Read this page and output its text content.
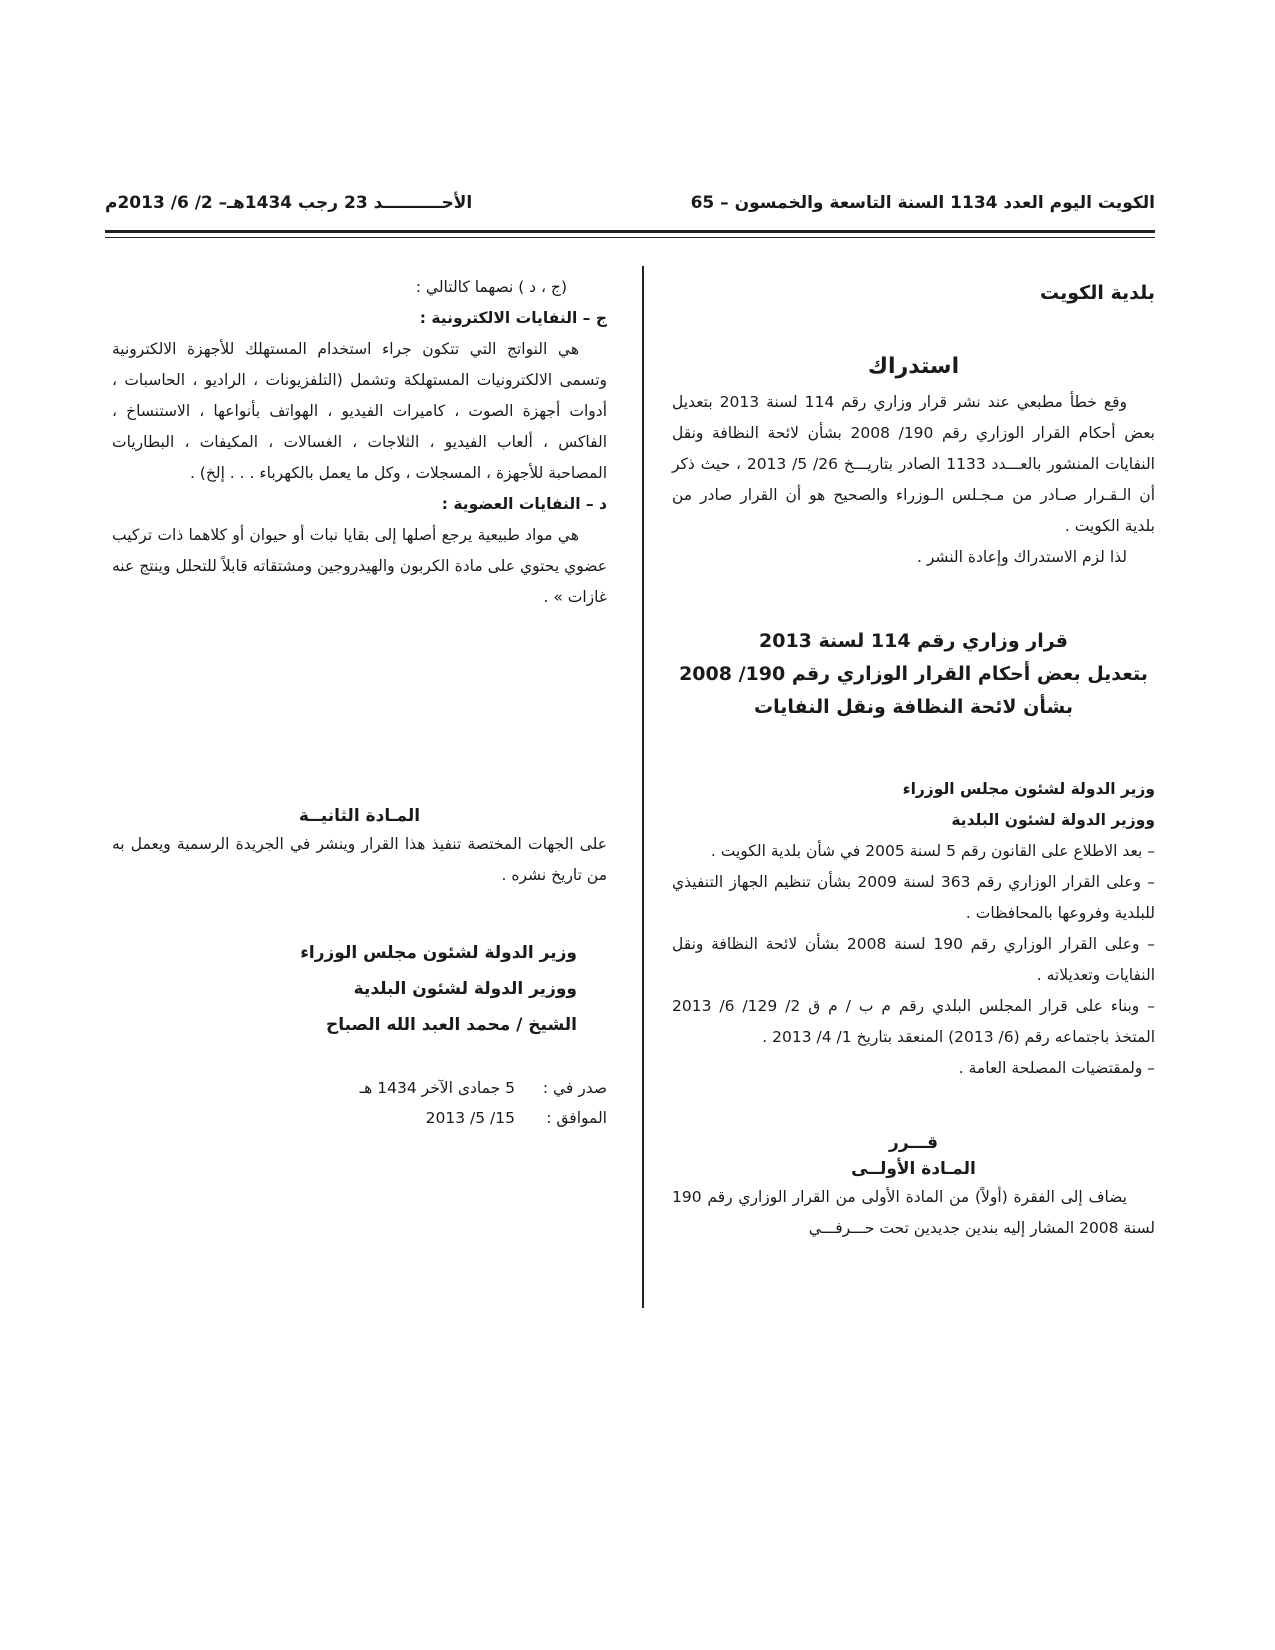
الكويت اليوم العدد 1134 السنة التاسعة والخمسون – 65
الأحــــــــــد 23 رجب 1434هـ– 2/ 6/ 2013م

بلدية الكويت

استدراك

وقع خطأ مطبعي عند نشر قرار وزاري رقم 114 لسنة 2013 بتعديل بعض أحكام القرار الوزاري رقم 190/ 2008 بشأن لائحة النظافة ونقل النفايات المنشور بالعـــدد 1133 الصادر بتاريـــخ 26/ 5/ 2013 ، حيث ذكر أن الـقـرار صـادر من مـجـلس الـوزراء والصحيح هو أن القرار صادر من بلدية الكويت .

لذا لزم الاستدراك وإعادة النشر .

قرار وزاري رقم 114 لسنة 2013

بتعديل بعض أحكام القرار الوزاري رقم 190/ 2008

بشأن لائحة النظافة ونقل النفايات

وزير الدولة لشئون مجلس الوزراء

ووزير الدولة لشئون البلدية

– بعد الاطلاع على القانون رقم 5 لسنة 2005 في شأن بلدية الكويت .
– وعلى القرار الوزاري رقم 363 لسنة 2009 بشأن تنظيم الجهاز التنفيذي للبلدية وفروعها بالمحافظات .
– وعلى القرار الوزاري رقم 190 لسنة 2008 بشأن لائحة النظافة ونقل النفايات وتعديلاته .
– وبناء على قرار المجلس البلدي رقم م ب / م ق 2/ 129/ 6/ 2013 المتخذ باجتماعه رقم (6/ 2013) المنعقد بتاريخ 1/ 4/ 2013 .
– ولمقتضيات المصلحة العامة .

قـــرر

المـادة الأولــى

يضاف إلى الفقرة (أولاً) من المادة الأولى من القرار الوزاري رقم 190 لسنة 2008 المشار إليه بندين جديدين تحت حـــرفـــي

(ج ، د ) نصهما كالتالي :

ج – النفايات الالكترونية :

هي النواتج التي تتكون جراء استخدام المستهلك للأجهزة الالكترونية وتسمى الالكترونيات المستهلكة وتشمل (التلفزيونات ، الراديو ، الحاسبات ، أدوات أجهزة الصوت ، كاميرات الفيديو ، الهواتف بأنواعها ، الاستنساخ ، الفاكس ، ألعاب الفيديو ، الثلاجات ، الغسالات ، المكيفات ، البطاريات المصاحبة للأجهزة ، المسجلات ، وكل ما يعمل بالكهرباء . . . إلخ) .

د – النفايات العضوية :

هي مواد طبيعية يرجع أصلها إلى بقايا نبات أو حيوان أو كلاهما ذات تركيب عضوي يحتوي على مادة الكربون والهيدروجين ومشتقاته قابلاً للتحلل وينتج عنه غازات » .

المـادة الثانيــة

على الجهات المختصة تنفيذ هذا القرار وينشر في الجريدة الرسمية ويعمل به من تاريخ نشره .

وزير الدولة لشئون مجلس الوزراء

ووزير الدولة لشئون البلدية

الشيخ / محمد العبد الله الصباح

صدر في :
5 جمادى الآخر 1434 هـ
الموافق :
15/ 5/ 2013
